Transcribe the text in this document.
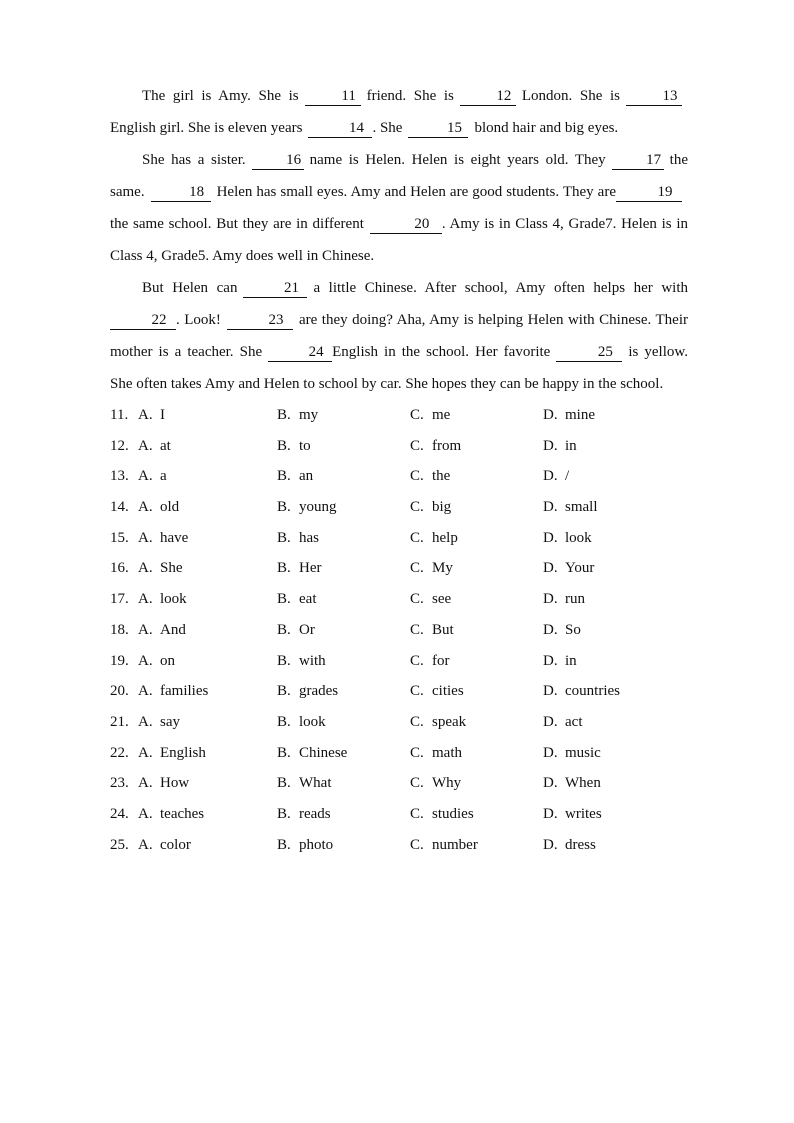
The girl is Amy. She is	11 friend. She is	12 London. She is	13English girl. She is eleven years	14 . She	15 blond hair and big eyes.

She has a sister.	16 name is Helen. Helen is eight years old. They	17 the same.	18 Helen has small eyes. Amy and Helen are good students. They are	19the same school. But they are in different	20 . Amy is in Class 4, Grade7. Helen is in Class 4, Grade5. Amy does well in Chinese.

But Helen can	21 a little Chinese. After school, Amy often helps her with22 . Look!	23 are they doing? Aha, Amy is helping Helen with Chinese. Their mother is a teacher. She	24 English in the school. Her favorite	25 is yellow. She often takes Amy and Helen to school by car. She hopes they can be happy in the school.

11. A. I	B. my	C. me	D. mine
12. A. at	B. to	C. from	D. in
13. A. a	B. an	C. the	D. /
14. A. old	B. young	C. big	D. small
15. A. have	B. has	C. help	D. look
16. A. She	B. Her	C. My	D. Your
17. A. look	B. eat	C. see	D. run
18. A. And	B. Or	C. But	D. So
19. A. on	B. with	C. for	D. in
20. A. families	B. grades	C. cities	D. countries
21. A. say	B. look	C. speak	D. act
22. A. English	B. Chinese	C. math	D. music
23. A. How	B. What	C. Why	D. When
24. A. teaches	B. reads	C. studies	D. writes
25. A. color	B. photo	C. number	D. dress
